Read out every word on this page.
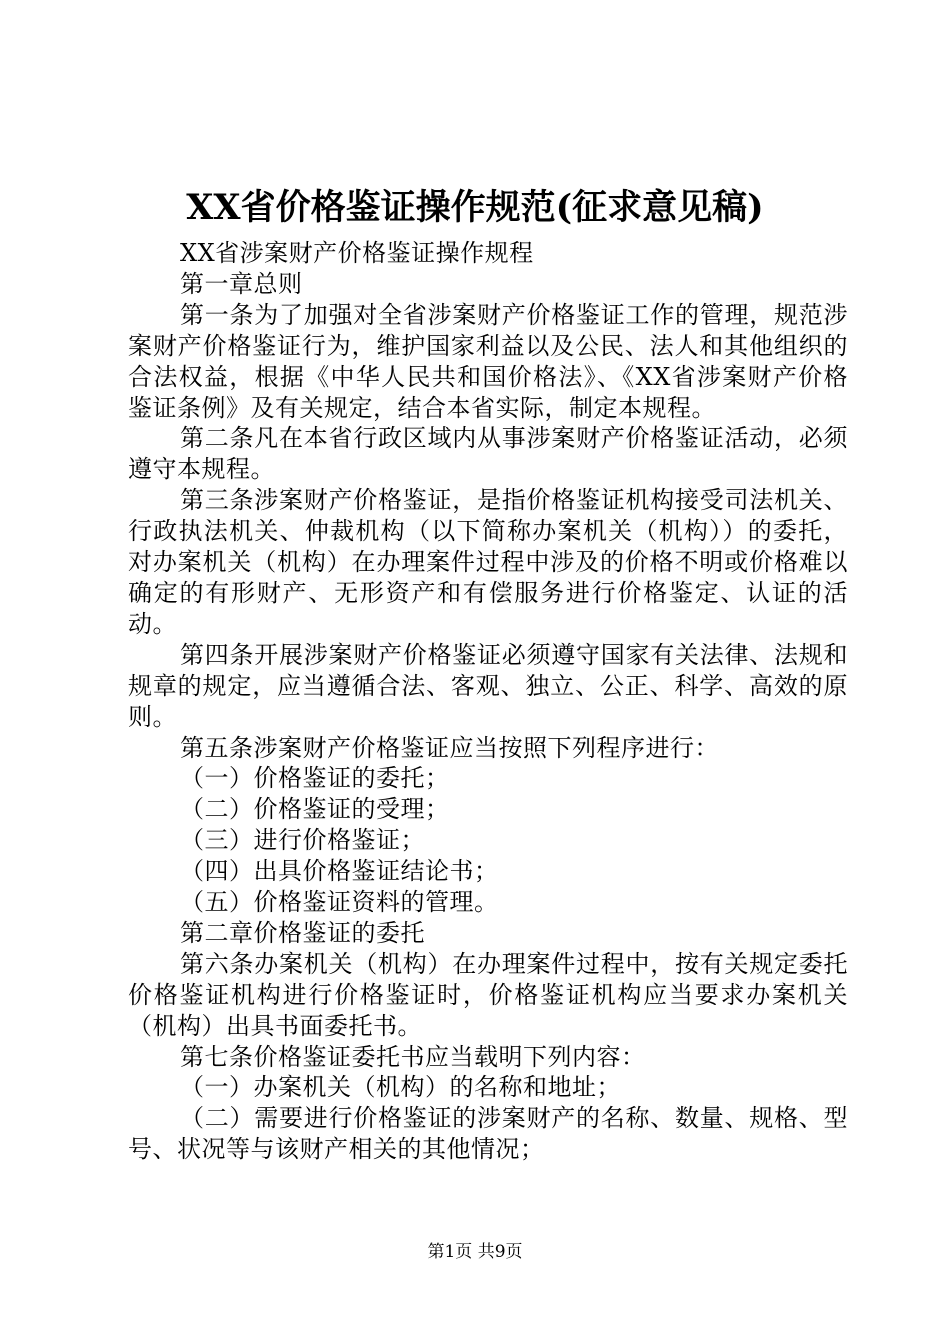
XX省价格鉴证操作规范(征求意见稿)

XX省涉案财产价格鉴证操作规程

第一章总则

第一条为了加强对全省涉案财产价格鉴证工作的管理，规范涉案财产价格鉴证行为，维护国家利益以及公民、法人和其他组织的合法权益，根据《中华人民共和国价格法》、《XX省涉案财产价格鉴证条例》及有关规定，结合本省实际，制定本规程。

第二条凡在本省行政区域内从事涉案财产价格鉴证活动，必须遵守本规程。

第三条涉案财产价格鉴证，是指价格鉴证机构接受司法机关、行政执法机关、仲裁机构（以下简称办案机关（机构））的委托，对办案机关（机构）在办理案件过程中涉及的价格不明或价格难以确定的有形财产、无形资产和有偿服务进行价格鉴定、认证的活动。

第四条开展涉案财产价格鉴证必须遵守国家有关法律、法规和规章的规定，应当遵循合法、客观、独立、公正、科学、高效的原则。

第五条涉案财产价格鉴证应当按照下列程序进行：

（一）价格鉴证的委托；

（二）价格鉴证的受理；

（三）进行价格鉴证；

（四）出具价格鉴证结论书；

（五）价格鉴证资料的管理。

第二章价格鉴证的委托

第六条办案机关（机构）在办理案件过程中，按有关规定委托价格鉴证机构进行价格鉴证时，价格鉴证机构应当要求办案机关（机构）出具书面委托书。

第七条价格鉴证委托书应当载明下列内容：

（一）办案机关（机构）的名称和地址；

（二）需要进行价格鉴证的涉案财产的名称、数量、规格、型号、状况等与该财产相关的其他情况；

第1页 共9页
